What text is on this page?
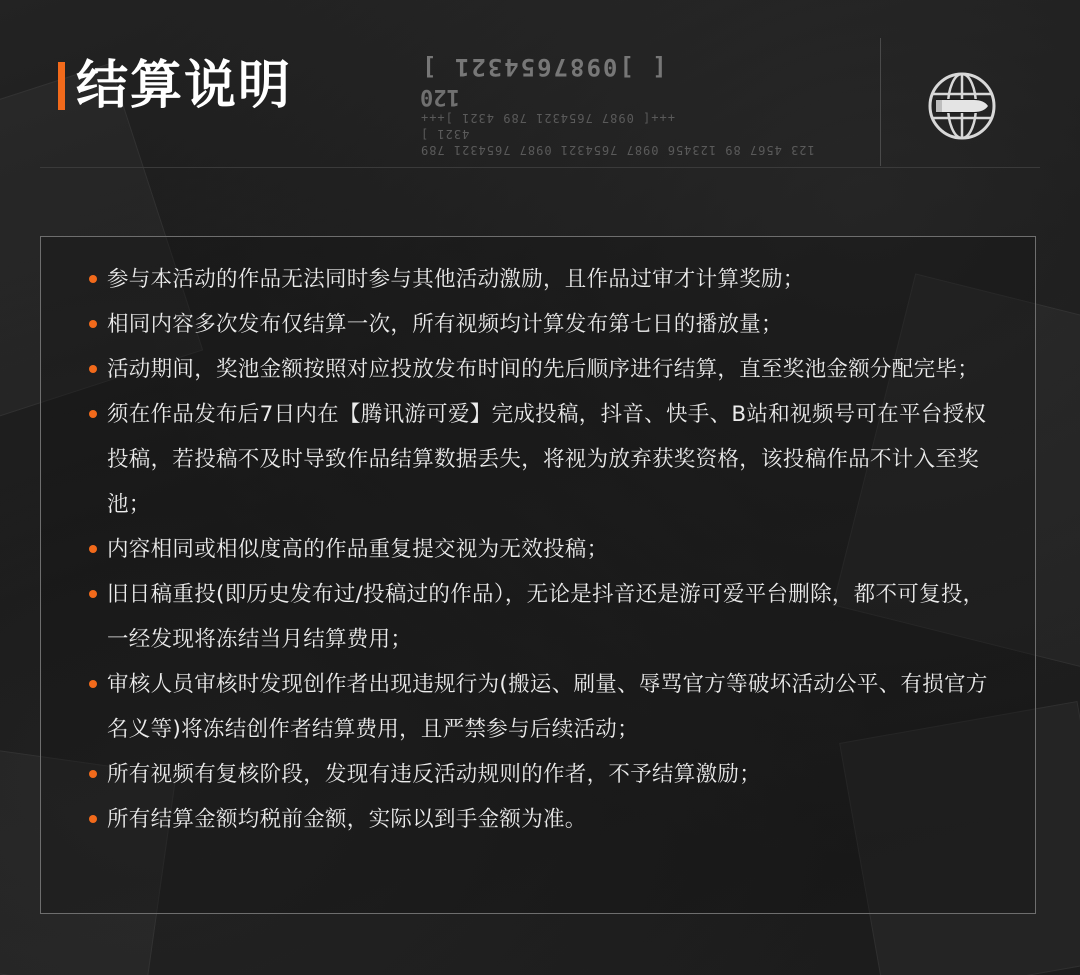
结算说明
123 4567 89 123456 0987 7654321 0987 7654321 789 4321 ]
+++[ 0987 7654321 789 4321 ]+++
120
[ ]0987654321 ]
参与本活动的作品无法同时参与其他活动激励，且作品过审才计算奖励；
相同内容多次发布仅结算一次，所有视频均计算发布第七日的播放量；
活动期间，奖池金额按照对应投放发布时间的先后顺序进行结算，直至奖池金额分配完毕；
须在作品发布后7日内在【腾讯游可爱】完成投稿，抖音、快手、B站和视频号可在平台授权投稿，若投稿不及时导致作品结算数据丢失，将视为放弃获奖资格，该投稿作品不计入至奖池；
内容相同或相似度高的作品重复提交视为无效投稿；
旧日稿重投(即历史发布过/投稿过的作品），无论是抖音还是游可爱平台删除，都不可复投，一经发现将冻结当月结算费用；
审核人员审核时发现创作者出现违规行为(搬运、刷量、辱骂官方等破坏活动公平、有损官方名义等)将冻结创作者结算费用，且严禁参与后续活动；
所有视频有复核阶段，发现有违反活动规则的作者，不予结算激励；
所有结算金额均税前金额，实际以到手金额为准。
